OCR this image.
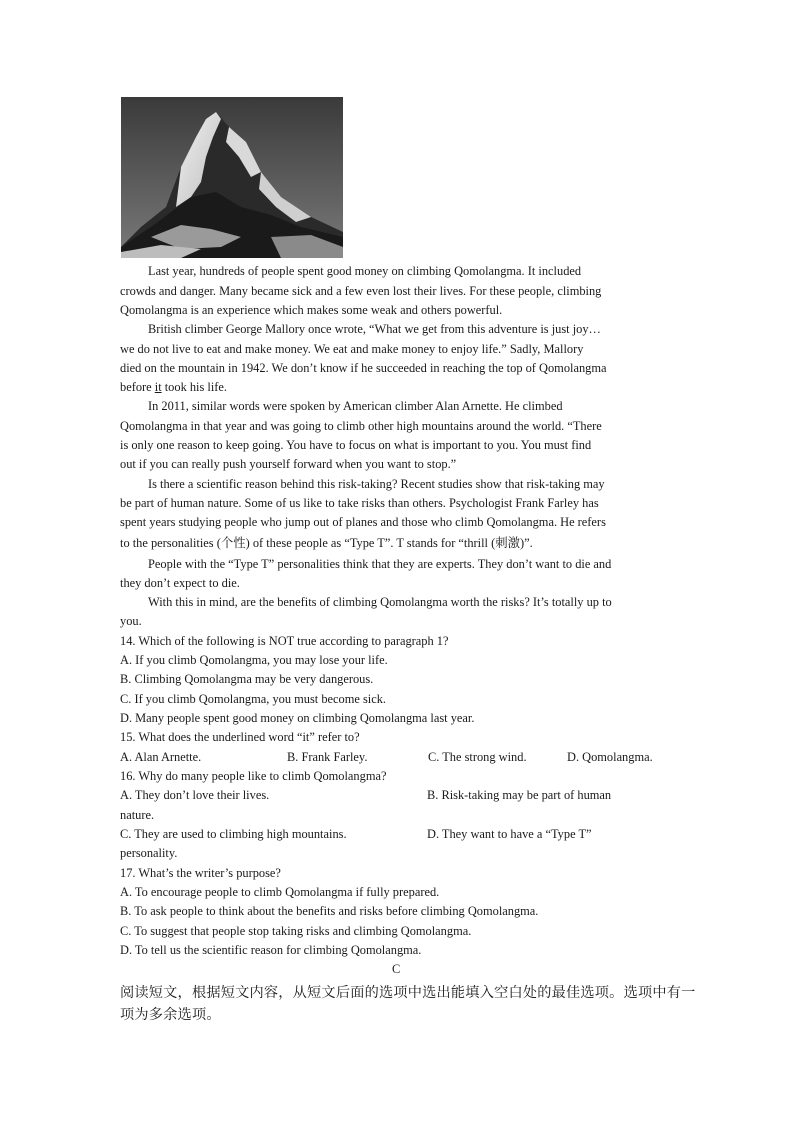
Last year, hundreds of people spent good money on climbing Qomolangma. It included
crowds and danger. Many became sick and a few even lost their lives. For these people, climbing
Qomolangma is an experience which makes some weak and others powerful.
British climber George Mallory once wrote, “What we get from this adventure is just joy…
we do not live to eat and make money. We eat and make money to enjoy life.” Sadly, Mallory
died on the mountain in 1942. We don’t know if he succeeded in reaching the top of Qomolangma
before it took his life.
In 2011, similar words were spoken by American climber Alan Arnette. He climbed
Qomolangma in that year and was going to climb other high mountains around the world. “There
is only one reason to keep going. You have to focus on what is important to you. You must find
out if you can really push yourself forward when you want to stop.”
Is there a scientific reason behind this risk-taking? Recent studies show that risk-taking may
be part of human nature. Some of us like to take risks than others. Psychologist Frank Farley has
spent years studying people who jump out of planes and those who climb Qomolangma. He refers
to the personalities (个性) of these people as “Type T”. T stands for “thrill (刺激)”.
People with the “Type T” personalities think that they are experts. They don’t want to die and
they don’t expect to die.
With this in mind, are the benefits of climbing Qomolangma worth the risks? It’s totally up to
you.
14. Which of the following is NOT true according to paragraph 1?
A. If you climb Qomolangma, you may lose your life.
B. Climbing Qomolangma may be very dangerous.
C. If you climb Qomolangma, you must become sick.
D. Many people spent good money on climbing Qomolangma last year.
15. What does the underlined word “it” refer to?
A. Alan Arnette.	B. Frank Farley.	C. The strong wind.	D. Qomolangma.
16. Why do many people like to climb Qomolangma?
A. They don’t love their lives.	B. Risk-taking may be part of human
nature.
C. They are used to climbing high mountains.	D. They want to have a “Type T”
personality.
17. What’s the writer’s purpose?
A. To encourage people to climb Qomolangma if fully prepared.
B. To ask people to think about the benefits and risks before climbing Qomolangma.
C. To suggest that people stop taking risks and climbing Qomolangma.
D. To tell us the scientific reason for climbing Qomolangma.
C
阅读短文，根据短文内容，从短文后面的选项中选出能填入空白处的最佳选项。选项中有一
项为多余选项。
